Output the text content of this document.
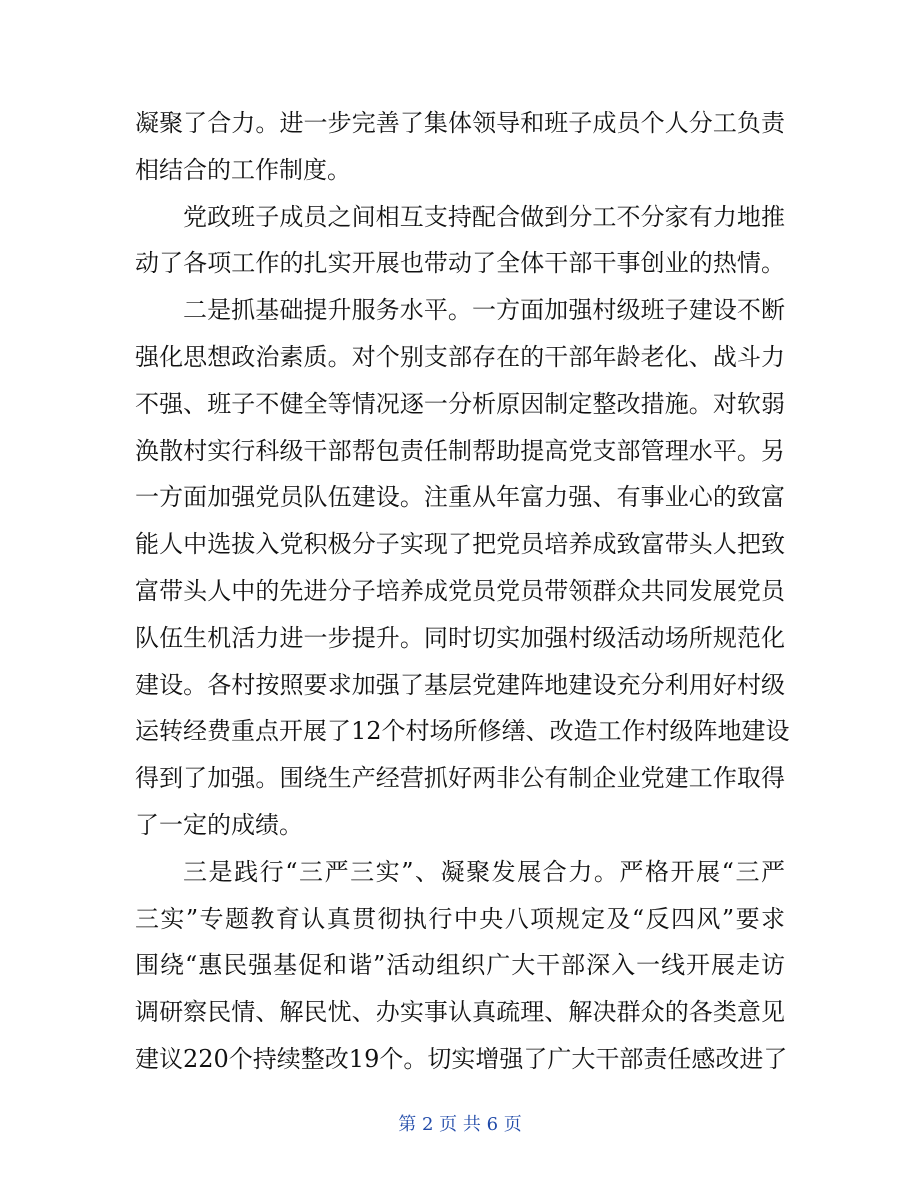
凝聚了合力。进一步完善了集体领导和班子成员个人分工负责
相结合的工作制度。
党政班子成员之间相互支持配合做到分工不分家有力地推
动了各项工作的扎实开展也带动了全体干部干事创业的热情。
二是抓基础提升服务水平。一方面加强村级班子建设不断
强化思想政治素质。对个别支部存在的干部年龄老化、战斗力
不强、班子不健全等情况逐一分析原因制定整改措施。对软弱
涣散村实行科级干部帮包责任制帮助提高党支部管理水平。另
一方面加强党员队伍建设。注重从年富力强、有事业心的致富
能人中选拔入党积极分子实现了把党员培养成致富带头人把致
富带头人中的先进分子培养成党员党员带领群众共同发展党员
队伍生机活力进一步提升。同时切实加强村级活动场所规范化
建设。各村按照要求加强了基层党建阵地建设充分利用好村级
运转经费重点开展了12个村场所修缮、改造工作村级阵地建设
得到了加强。围绕生产经营抓好两非公有制企业党建工作取得
了一定的成绩。
三是践行“三严三实”、凝聚发展合力。严格开展“三严
三实”专题教育认真贯彻执行中央八项规定及“反四风”要求
围绕“惠民强基促和谐”活动组织广大干部深入一线开展走访
调研察民情、解民忧、办实事认真疏理、解决群众的各类意见
建议220个持续整改19个。切实增强了广大干部责任感改进了
第 2 页 共 6 页
